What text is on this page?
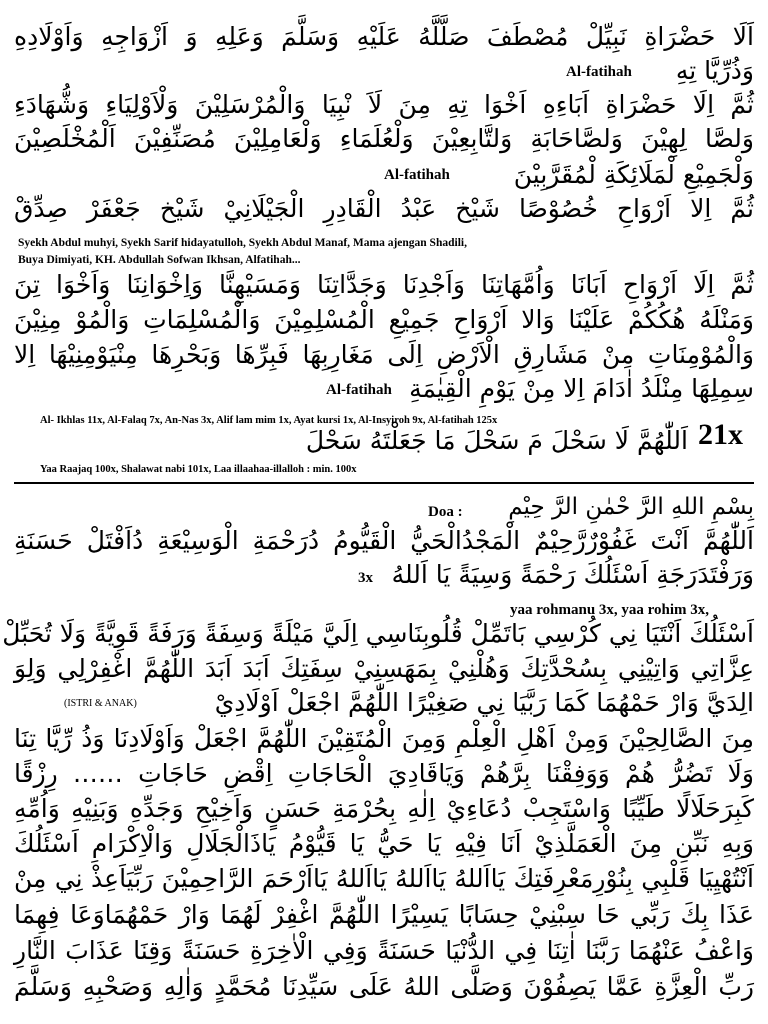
اَلَا حَضْرَاةِ نَبِيِّلْ مُصْطَفَ صَلَّلَّهُ عَلَيْهِ وَسَلَّمَ وَعَلِهِ وَ اَزْوَاجِهِ وَاَوْلَادِهِ
وَذُرِّيَّا تِهِ
Al-fatihah
ثُمَّ اِلَا حَضْرَاةِ اَبَاءِهِ اَخْوَا تِهِ مِنَ لَاَ نْبِيَا وَالْمُرْسَلِيْنَ وَلْاَوْلِيَاءِ وَشُّهَادَءِ
وَلصَّا لِهِيْنَ وَلصَّاحَابَةِ وَلتَّابِعِيْنَ وَلْعُلَمَاءِ وَلْعَامِلِيْنَ مُصَنِّفِيْنَ اَلْمُخْلَصِيْنَ
وَلْجَمِيْعِ لْمَلَائِكَةِ لْمُقَرَّبِيْنَ
Al-fatihah
ثُمَّ اِلا اَرْوَاحِ خُصُوْصًا شَيْخ عَبْدُ الْقَادِرِ الْجَيْلَانِيْ شَيْخ جَعْفَرْ صِدِّقْ
Syekh Abdul muhyi, Syekh Sarif hidayatulloh, Syekh Abdul Manaf, Mama ajengan Shadili,
Buya Dimiyati, KH. Abdullah Sofwan Ikhsan, Alfatihah...
ثُمَّ اِلَا اَرْوَاحِ اَبَانَا وَاُمَّهَاتِنَا وَاَجْدِنَا وَجَدَّاتِنَا وَمَسَيْهِنَّا وَاِخْوَانِنَا وَاَخْوَا تِنَ
وَمَنْلَهُ هُكُكُمْ عَلَيْنَا وَالا اَرْوَاحِ جَمِيْعِ الْمُسْلِمِيْنَ وَالْمُسْلِمَاتِ وَالْمُوْ مِنِيْنَ
وَالْمُوْمِنَاتِ مِنْ مَشَارِقِ الْاَرْضِ اِلَى مَغَارِبِهَا فَبِرِّهَا وَبَحْرِهَا مِنْيَوْمِنِيْهَا اِلا
سِمِلِهَا مِنْلَدُ اٰدَامَ اِلا مِنْ يَوْمِ الْقِيٰمَةِ
Al-fatihah
Al- Ikhlas 11x, Al-Falaq 7x, An-Nas 3x, Alif lam mim 1x, Ayat kursi 1x, Al-Insyiroh 9x, Al-fatihah 125x
اَللّٰهُمَّ لَا سَحْلَ مَ سَحْلَ مَا جَعَلْتَهُ سَحْلَ 21x
Yaa Raajaq 100x, Shalawat nabi 101x, Laa illaahaa-illalloh : min. 100x
بِسْمِ اللهِ الرَّ حْمٰنِ الرَّ حِيْمِ
Doa :
اَللّٰهُمَّ اَنْتَ غَفُوْرٌرَّحِيْمٌ الْمَجْدُالْحَيُّ الْقَيُّومُ دُرَحْمَةِ الْوَسِيْعَةِ دُاَفْتَلْ حَسَنَةِ
وَرَفْتَدَرَجَةِ اَسْئَلُكَ رَحْمَةً وَسِيَةً يَا اَللهُ
3x
yaa rohmanu 3x, yaa rohim 3x,
اَسْئَلُكَ اَنْتَيَا نِي كُرْسِي بَاتَمِّلْ قُلُوبِنَاسِي اِلَيَّ مَيْلَةً وَسِفَةً وَرَفَةً قَوِيَّةً وَلَا تُحَبِّلْ
عِزَّاتِي وَاتِيْنِي بِسُحْدَّتِكَ وَهُلْنِيْ بِمَهَسِنِيْ سِفَتِكَ اَبَدَ اَبَدَ اللّٰهُمَّ اغْفِرْلِي وَلِوَ
الِدَيَّ وَارْ حَمْهُمَا كَمَا رَبَّيَا نِي صَغِيْرًا اللّٰهُمَّ اجْعَلْ اَوْلَادِيْ
(ISTRI & ANAK)
مِنَ الصَّالِحِيْنَ وَمِنْ اَهْلِ الْعِلْمِ وَمِنَ الْمُتَقِيْنَ اللّٰهُمَّ اجْعَلْ وَاَوْلَادِنَا وَذُ رِّيَّا تِنَا
وَلَا تَضُرُّ هُمْ وَوَفِقْنَا بِرَّهُمْ وَيَاقَادِيَ الْحَاجَاتِ اِقْضِ حَاجَاتِ …… رِزْقًا
كَبِرَحَلَالًا طَيِّبًا وَاسْتَجِبْ دُعَاءِيْ اِلٰهِ بِحُرْمَةِ حَسَنٍ وَاَخِيْحِ وَجَدِّهِ وَبَنِيْهِ وَاُمِّهِ
وَبِهِ نَبِّنِ مِنَ الْعَمَلَّذِيْ اَنَا فِيْهِ يَا حَيُّ يَا قَيُّوْمُ يَاذَالْجَلَالِ وَالْاِكْرَامِ اَسْئَلُكَ
اَنْتُهْيِيَا قَلْبِي بِنُوْرِمَعْرِفَتِكَ يَااَللهُ يَااَللهُ يَااَللهُ يَااَرْحَمَ الرَّاحِمِيْنَ رَبِّيَاَعِذْ نِي مِنْ
عَذَا بِكَ رَبِّي حَا سِبْنِيْ حِسَابًا يَسِيْرًا اللّٰهُمَّ اغْفِرْ لَهُمَا وَارْ حَمْهُمَاوَعَا فِهِمَا
وَاعْفُ عَنْهُمَا رَبَّنَا اٰتِنَا فِي الدُّنْيَا حَسَنَةً وَفِي الْاٰخِرَةِ حَسَنَةً وَقِنَا عَذَابَ النَّارِ
رَبِّ الْعِزَّةِ عَمَّا يَصِفُوْنَ وَصَلَّى اللهُ عَلَى سَيِّدِنَا مُحَمَّدٍ وَاٰلِهِ وَصَحْبِهِ وَسَلَّمَ
